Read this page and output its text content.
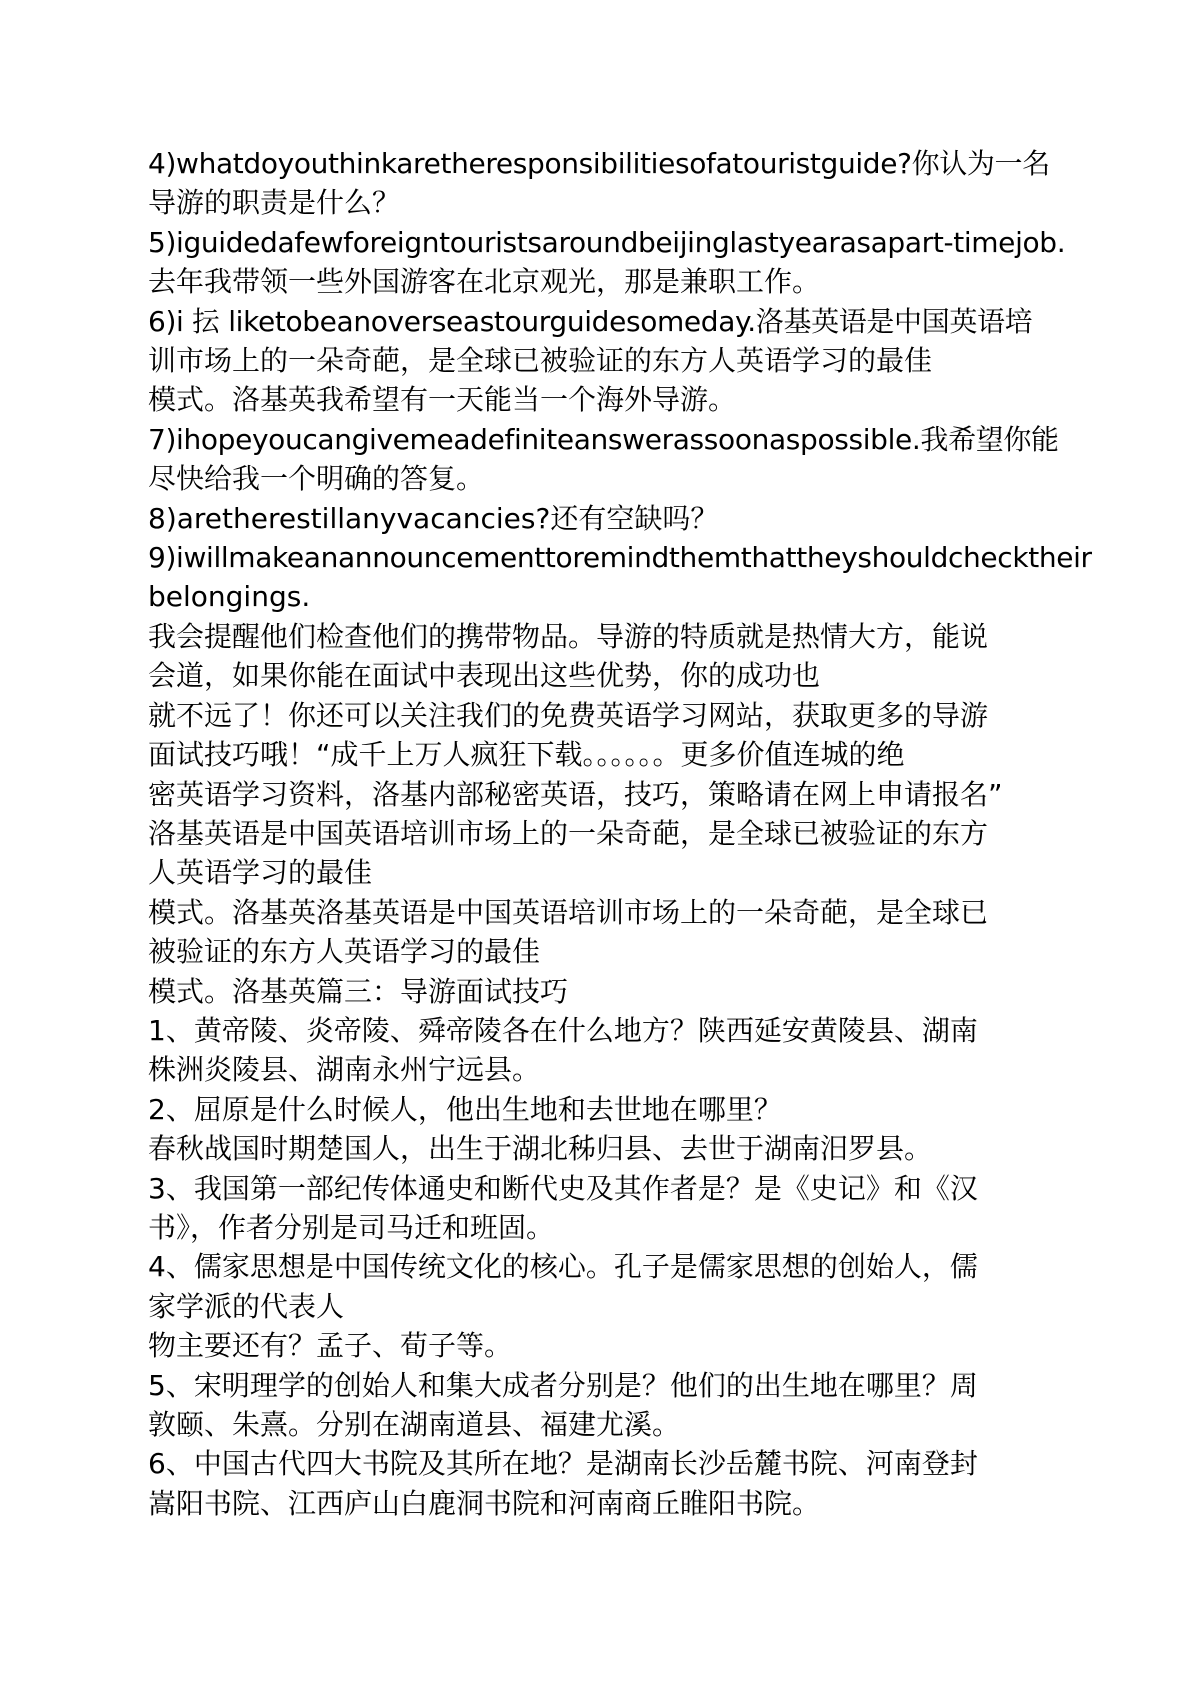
4)whatdoyouthinkaretheresponsibilitiesofatouristguide?你认为一名
导游的职责是什么？
5)iguidedafewforeigntouristsaroundbeijinglastyearasapart-timejob.
去年我带领一些外国游客在北京观光，那是兼职工作。
6)i 抎 liketobeanoverseastourguidesomeday.洛基英语是中国英语培
训市场上的一朵奇葩，是全球已被验证的东方人英语学习的最佳
模式。洛基英我希望有一天能当一个海外导游。
7)ihopeyoucangivemeadefiniteanswerassoonaspossible.我希望你能
尽快给我一个明确的答复。
8)aretherestillanyvacancies?还有空缺吗？
9)iwillmakeanannouncementtoremindthemthattheyshouldchecktheir
belongings.
我会提醒他们检查他们的携带物品。导游的特质就是热情大方，能说
会道，如果你能在面试中表现出这些优势，你的成功也
就不远了！你还可以关注我们的免费英语学习网站，获取更多的导游
面试技巧哦！“成千上万人疯狂下载。。。。。。更多价值连城的绝
密英语学习资料，洛基内部秘密英语，技巧，策略请在网上申请报名”
洛基英语是中国英语培训市场上的一朵奇葩，是全球已被验证的东方
人英语学习的最佳
模式。洛基英洛基英语是中国英语培训市场上的一朵奇葩，是全球已
被验证的东方人英语学习的最佳
模式。洛基英篇三：导游面试技巧
1、黄帝陵、炎帝陵、舜帝陵各在什么地方？陕西延安黄陵县、湖南
株洲炎陵县、湖南永州宁远县。
2、屈原是什么时候人，他出生地和去世地在哪里？
春秋战国时期楚国人，出生于湖北秭归县、去世于湖南汨罗县。
3、我国第一部纪传体通史和断代史及其作者是？是《史记》和《汉
书》，作者分别是司马迁和班固。
4、儒家思想是中国传统文化的核心。孔子是儒家思想的创始人，儒
家学派的代表人
物主要还有？孟子、荀子等。
5、宋明理学的创始人和集大成者分别是？他们的出生地在哪里？周
敦颐、朱熹。分别在湖南道县、福建尤溪。
6、中国古代四大书院及其所在地？是湖南长沙岳麓书院、河南登封
嵩阳书院、江西庐山白鹿洞书院和河南商丘睢阳书院。
